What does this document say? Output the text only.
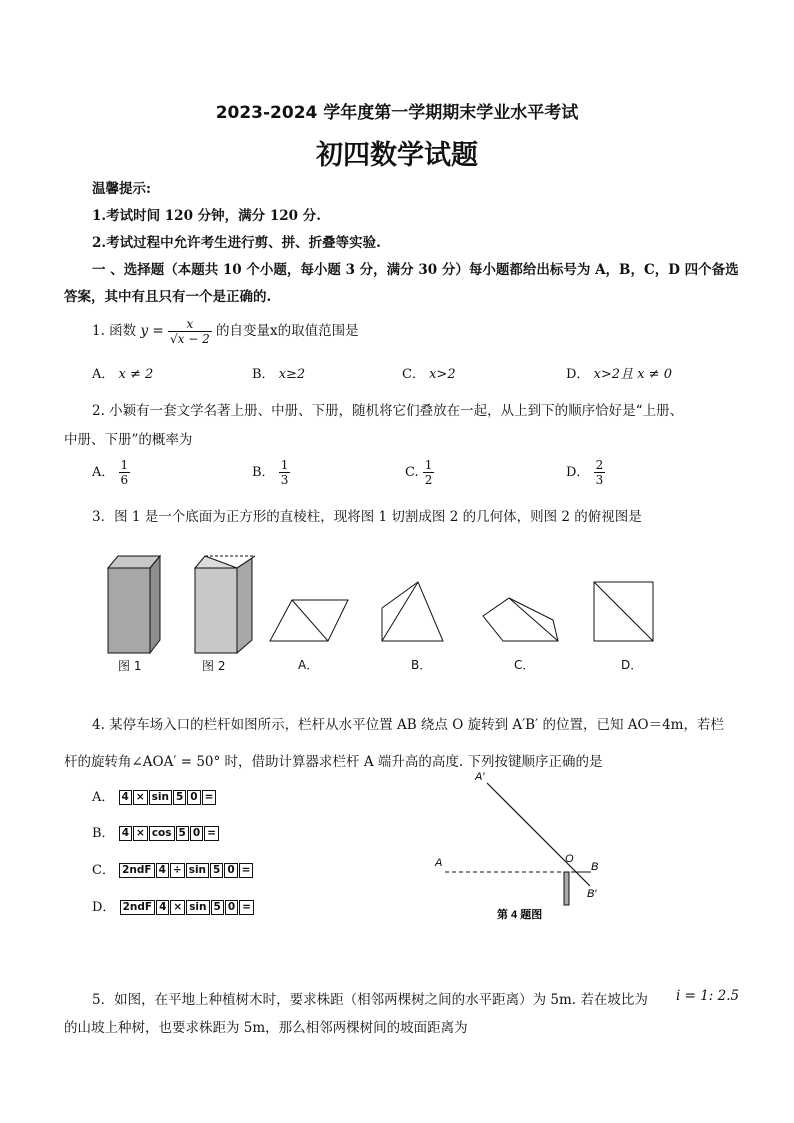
2023-2024 学年度第一学期期末学业水平考试
初四数学试题
温馨提示:
1.考试时间 120 分钟，满分 120 分.
2.考试过程中允许考生进行剪、拼、折叠等实验.
一 、选择题（本题共 10 个小题，每小题 3 分，满分 30 分）每小题都给出标号为 A，B，C，D 四个备选
答案，其中有且只有一个是正确的.
1. 函数 $y = \frac{x}{√x - 2}$ 的自变量x的取值范围是
A． x ≠ 2	B． x≥2	C． x>2	D． x>2且 x ≠ 0
2. 小颖有一套文学名著上册、中册、下册，随机将它们叠放在一起，从上到下的顺序恰好是“上册、
中册、下册”的概率为
A． $\frac{1}{6}$	B． $\frac{1}{3}$	C. $\frac{1}{2}$	D． $\frac{2}{3}$
3．图 1 是一个底面为正方形的直棱柱，现将图 1 切割成图 2 的几何体，则图 2 的俯视图是
图 1	图 2	A．	B．	C．	D．
4. 某停车场入口的栏杆如图所示，栏杆从水平位置 AB 绕点 O 旋转到 A′B′ 的位置，已知 AO＝4m，若栏
杆的旋转角∠AOA′ = 50° 时，借助计算器求栏杆 A 端升高的高度. 下列按键顺序正确的是
A． 4 × sin 5 0 =
B． 4 × cos 5 0 =
C． 2ndF 4 ÷ sin 5 0 =
D． 2ndF 4 × sin 5 0 =
A′
A	O
B
B′
第 4 题图
5．如图，在平地上种植树木时，要求株距（相邻两棵树之间的水平距离）为 5m. 若在坡比为 i = 1: 2.5
的山坡上种树，也要求株距为 5m，那么相邻两棵树间的坡面距离为
